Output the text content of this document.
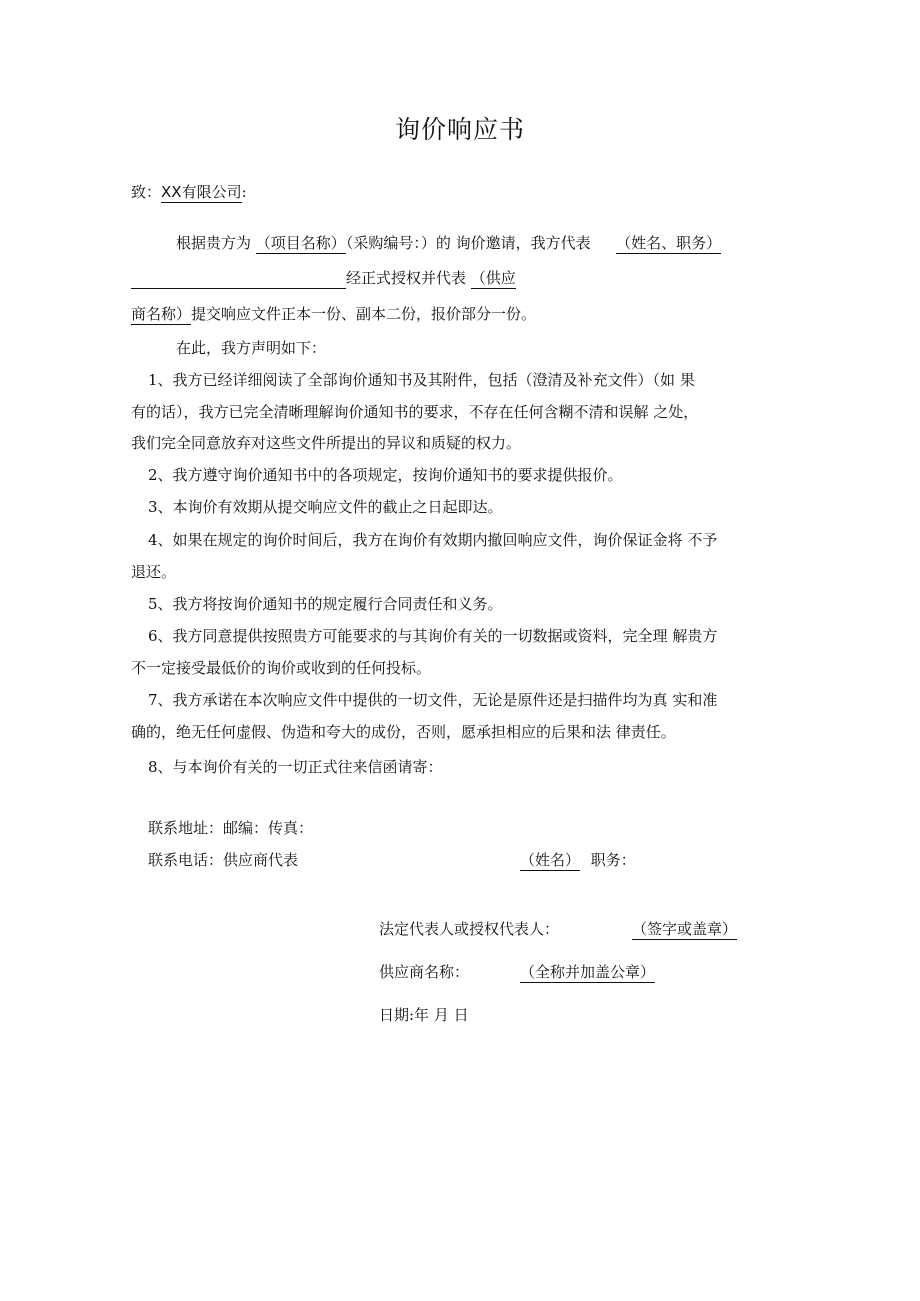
询价响应书
致：XX有限公司:
根据贵方为 （项目名称）（采购编号：）的 询价邀请，我方代表 （姓名、职务）
经正式授权并代表 （供应
商名称）提交响应文件正本一份、副本二份，报价部分一份。
在此，我方声明如下：
1、我方已经详细阅读了全部询价通知书及其附件，包括（澄清及补充文件）（如 果
有的话），我方已完全清晰理解询价通知书的要求，不存在任何含糊不清和误解 之处，
我们完全同意放弃对这些文件所提出的异议和质疑的权力。
2、我方遵守询价通知书中的各项规定，按询价通知书的要求提供报价。
3、本询价有效期从提交响应文件的截止之日起即达。
4、如果在规定的询价时间后，我方在询价有效期内撤回响应文件，询价保证金将 不予
退还。
5、我方将按询价通知书的规定履行合同责任和义务。
6、我方同意提供按照贵方可能要求的与其询价有关的一切数据或资料，完全理 解贵方
不一定接受最低价的询价或收到的任何投标。
7、我方承诺在本次响应文件中提供的一切文件，无论是原件还是扫描件均为真 实和准
确的，绝无任何虚假、伪造和夸大的成份，否则，愿承担相应的后果和法 律责任。
8、与本询价有关的一切正式往来信函请寄：
联系地址：邮编：传真：
联系电话：供应商代表	（姓名） 职务：
法定代表人或授权代表人：	（签字或盖章）
供应商名称：	（全称并加盖公章）
日期:年 月 日
